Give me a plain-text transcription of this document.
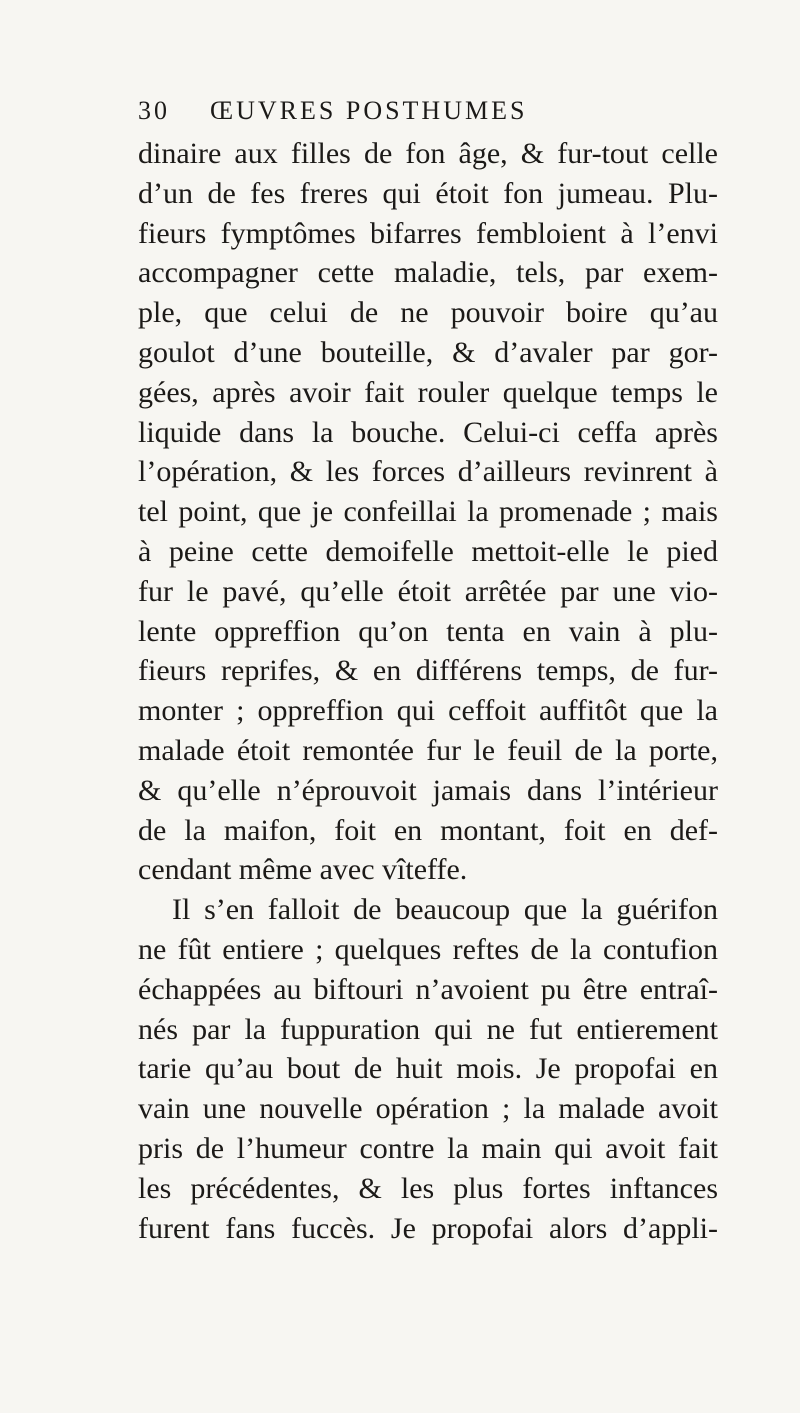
30 ŒUVRES POSTHUMES
dinaire aux filles de fon âge, & fur-tout celle
d’un de fes freres qui étoit fon jumeau. Plu-
fieurs fymptômes bifarres fembloient à l’envi
accompagner cette maladie, tels, par exem-
ple, que celui de ne pouvoir boire qu’au
goulot d’une bouteille, & d’avaler par gor-
gées, après avoir fait rouler quelque temps le
liquide dans la bouche. Celui-ci ceffa après
l’opération, & les forces d’ailleurs revinrent à
tel point, que je confeillai la promenade ; mais
à peine cette demoifelle mettoit-elle le pied
fur le pavé, qu’elle étoit arrêtée par une vio-
lente oppreffion qu’on tenta en vain à plu-
fieurs reprifes, & en différens temps, de fur-
monter ; oppreffion qui ceffoit auffitôt que la
malade étoit remontée fur le feuil de la porte,
& qu’elle n’éprouvoit jamais dans l’intérieur
de la maifon, foit en montant, foit en def-
cendant même avec vîteffe.
Il s’en falloit de beaucoup que la guérifon
ne fût entiere ; quelques reftes de la contufion
échappées au biftouri n’avoient pu être entraî-
nés par la fuppuration qui ne fut entierement
tarie qu’au bout de huit mois. Je propofai en
vain une nouvelle opération ; la malade avoit
pris de l’humeur contre la main qui avoit fait
les précédentes, & les plus fortes inftances
furent fans fuccès. Je propofai alors d’appli-
